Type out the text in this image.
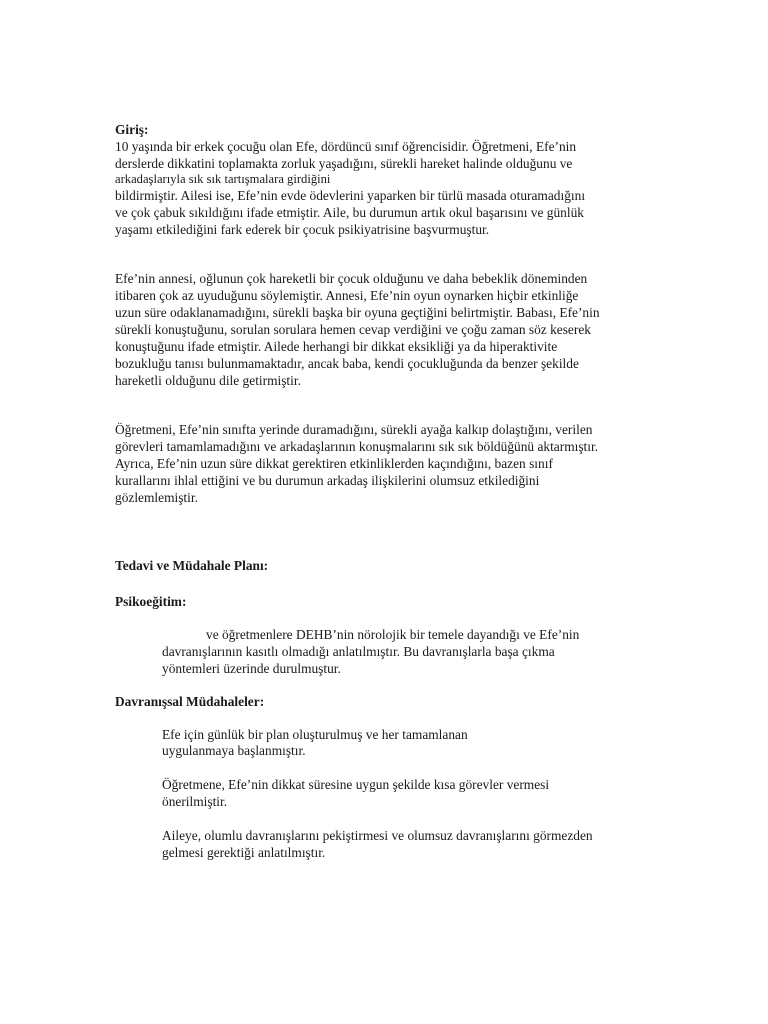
Giriş:
10 yaşında bir erkek çocuğu olan Efe, dördüncü sınıf öğrencisidir. Öğretmeni, Efe’nin
derslerde dikkatini toplamakta zorluk yaşadığını, sürekli hareket halinde olduğunu ve
arkadaşlarıyla sık sık tartışmalara girdiğini
bildirmiştir. Ailesi ise, Efe’nin evde ödevlerini yaparken bir türlü masada oturamadığını
ve çok çabuk sıkıldığını ifade etmiştir. Aile, bu durumun artık okul başarısını ve günlük
yaşamı etkilediğini fark ederek bir çocuk psikiyatrisine başvurmuştur.
Efe’nin annesi, oğlunun çok hareketli bir çocuk olduğunu ve daha bebeklik döneminden
itibaren çok az uyuduğunu söylemiştir. Annesi, Efe’nin oyun oynarken hiçbir etkinliğe
uzun süre odaklanamadığını, sürekli başka bir oyuna geçtiğini belirtmiştir. Babası, Efe’nin
sürekli konuştuğunu, sorulan sorulara hemen cevap verdiğini ve çoğu zaman söz keserek
konuştuğunu ifade etmiştir. Ailede herhangi bir dikkat eksikliği ya da hiperaktivite
bozukluğu tanısı bulunmamaktadır, ancak baba, kendi çocukluğunda da benzer şekilde
hareketli olduğunu dile getirmiştir.
Öğretmeni, Efe’nin sınıfta yerinde duramadığını, sürekli ayağa kalkıp dolaştığını, verilen
görevleri tamamlamadığını ve arkadaşlarının konuşmalarını sık sık böldüğünü aktarmıştır.
Ayrıca, Efe’nin uzun süre dikkat gerektiren etkinliklerden kaçındığını, bazen sınıf
kurallarını ihlal ettiğini ve bu durumun arkadaş ilişkilerini olumsuz etkilediğini
gözlemlemiştir.
Tedavi ve Müdahale Planı:
Psikoeğitim:
ve öğretmenlere DEHB’nin nörolojik bir temele dayandığı ve Efe’nin
davranışlarının kasıtlı olmadığı anlatılmıştır. Bu davranışlarla başa çıkma
yöntemleri üzerinde durulmuştur.
Davranışsal Müdahaleler:
Efe için günlük bir plan oluşturulmuş ve her tamamlanan
uygulanmaya başlanmıştır.
Öğretmene, Efe’nin dikkat süresine uygun şekilde kısa görevler vermesi
önerilmiştir.
Aileye, olumlu davranışlarını pekiştirmesi ve olumsuz davranışlarını görmezden
gelmesi gerektiği anlatılmıştır.
